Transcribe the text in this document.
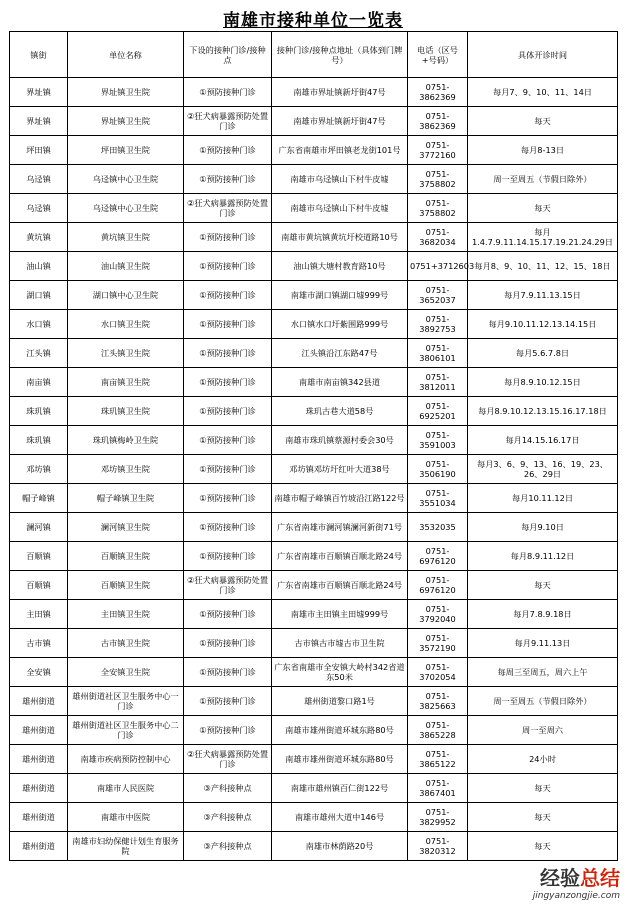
南雄市接种单位一览表
镇街	单位名称	下设的接种门诊/接种点	接种门诊/接种点地址（具体到门牌号）	电话（区号+号码）	具体开诊时间
界址镇	界址镇卫生院	①预防接种门诊	南雄市界址镇新圩街47号	0751-3862369	每月7、9、10、11、14日
界址镇	界址镇卫生院	②狂犬病暴露预防处置门诊	南雄市界址镇新圩街47号	0751-3862369	每天
坪田镇	坪田镇卫生院	①预防接种门诊	广东省南雄市坪田镇老龙街101号	0751-3772160	每月8-13日
乌迳镇	乌迳镇中心卫生院	①预防接种门诊	南雄市乌迳镇山下村牛皮墟	0751-3758802	周一至周五（节假日除外）
乌迳镇	乌迳镇中心卫生院	②狂犬病暴露预防处置门诊	南雄市乌迳镇山下村牛皮墟	0751-3758802	每天
黄坑镇	黄坑镇卫生院	①预防接种门诊	南雄市黄坑镇黄坑圩校道路10号	0751-3682034	每月1.4.7.9.11.14.15.17.19.21.24.29日
油山镇	油山镇卫生院	①预防接种门诊	油山镇大塘村教育路10号	0751+3712603	每月8、9、10、11、12、15、18日
湖口镇	湖口镇中心卫生院	①预防接种门诊	南雄市湖口镇湖口墟999号	0751-3652037	每月7.9.11.13.15日
水口镇	水口镇卫生院	①预防接种门诊	水口镇水口圩紫围路999号	0751-3892753	每月9.10.11.12.13.14.15日
江头镇	江头镇卫生院	①预防接种门诊	江头镇沿江东路47号	0751-3806101	每月5.6.7.8日
南亩镇	南亩镇卫生院	①预防接种门诊	南雄市南亩镇342县道	0751-3812011	每月8.9.10.12.15日
珠玑镇	珠玑镇卫生院	①预防接种门诊	珠玑古巷大道58号	0751-6925201	每月8.9.10.12.13.15.16.17.18日
珠玑镇	珠玑镇梅岭卫生院	①预防接种门诊	南雄市珠玑镇蔡源村委会30号	0751-3591003	每月14.15.16.17日
邓坊镇	邓坊镇卫生院	①预防接种门诊	邓坊镇邓坊圩红叶大道38号	0751-3506190	每月3、6、9、13、16、19、23、26、29日
帽子峰镇	帽子峰镇卫生院	①预防接种门诊	南雄市帽子峰镇百竹坡沿江路122号	0751-3551034	每月10.11.12日
澜河镇	澜河镇卫生院	①预防接种门诊	广东省南雄市澜河镇澜河新街71号	3532035	每月9.10日
百顺镇	百顺镇卫生院	①预防接种门诊	广东省南雄市百顺镇百顺北路24号	0751-6976120	每月8.9.11.12日
百顺镇	百顺镇卫生院	②狂犬病暴露预防处置门诊	广东省南雄市百顺镇百顺北路24号	0751-6976120	每天
主田镇	主田镇卫生院	①预防接种门诊	南雄市主田镇主田墟999号	0751-3792040	每月7.8.9.18日
古市镇	古市镇卫生院	①预防接种门诊	古市镇古市墟古市卫生院	0751-3572190	每月9.11.13日
全安镇	全安镇卫生院	①预防接种门诊	广东省南雄市全安镇大岭村342省道东50米	0751-3702054	每周三至周五，周六上午
雄州街道	雄州街道社区卫生服务中心一门诊	①预防接种门诊	雄州街道黎口路1号	0751-3825663	周一至周五（节假日除外）
雄州街道	雄州街道社区卫生服务中心二门诊	①预防接种门诊	南雄市雄州街道环城东路80号	0751-3865228	周一至周六
雄州街道	南雄市疾病预防控制中心	②狂犬病暴露预防处置门诊	南雄市雄州街道环城东路80号	0751-3865122	24小时
雄州街道	南雄市人民医院	③产科接种点	南雄市雄州镇百仁街122号	0751-3867401	每天
雄州街道	南雄市中医院	③产科接种点	南雄市雄州大道中146号	0751-3829952	每天
雄州街道	南雄市妇幼保健计划生育服务院	③产科接种点	南雄市林荫路20号	0751-3820312	每天
经验总结
jingyanzongjie.com
